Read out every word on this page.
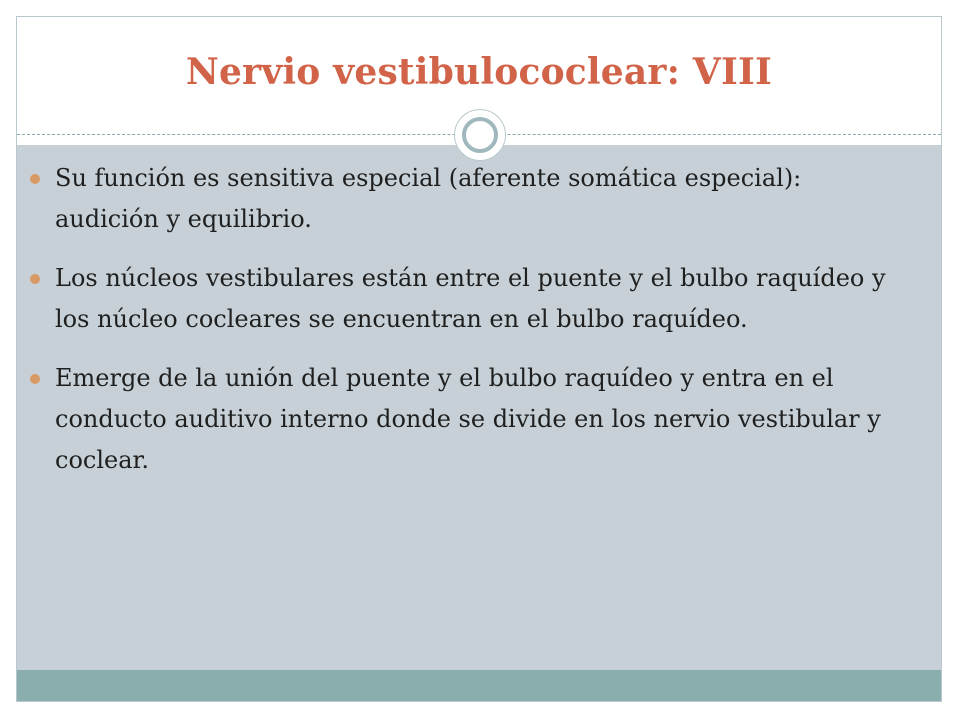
Nervio vestibulococlear: VIII
Su función es sensitiva especial (aferente somática especial): audición y equilibrio.
Los núcleos vestibulares están entre el puente y el bulbo raquídeo y los núcleo cocleares se encuentran en el bulbo raquídeo.
Emerge de la unión del puente y el bulbo raquídeo y entra en el conducto auditivo interno donde se divide en los nervio vestibular y coclear.
